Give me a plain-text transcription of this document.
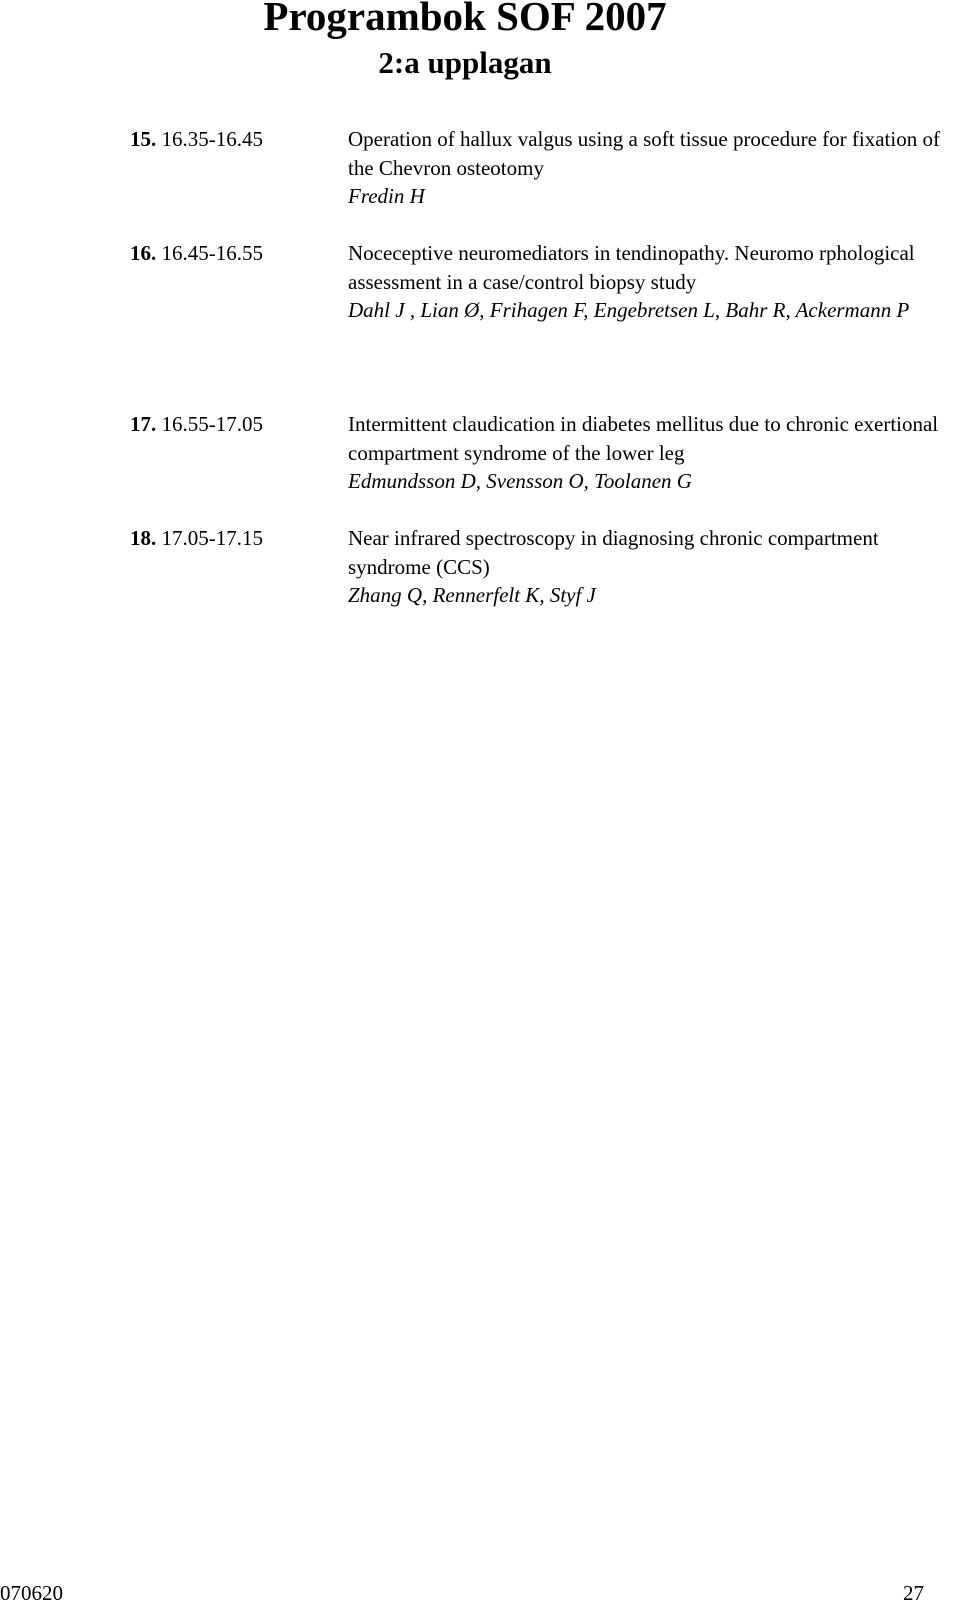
Programbok SOF 2007
2:a upplagan
15. 16.35-16.45	Operation of hallux valgus using a soft tissue procedure for fixation of the Chevron osteotomy

Fredin H

16. 16.45-16.55	Noceceptive neuromediators in tendinopathy. Neuromo rphological assessment in a case/control biopsy study

Dahl J , Lian Ø, Frihagen F, Engebretsen L, Bahr R, Ackermann P

17. 16.55-17.05	Intermittent claudication in diabetes mellitus due to chronic exertional compartment syndrome of the lower leg

Edmundsson D, Svensson O, Toolanen G

18. 17.05-17.15	Near infrared spectroscopy in diagnosing chronic compartment syndrome (CCS)

Zhang Q, Rennerfelt K, Styf J

070620	27
